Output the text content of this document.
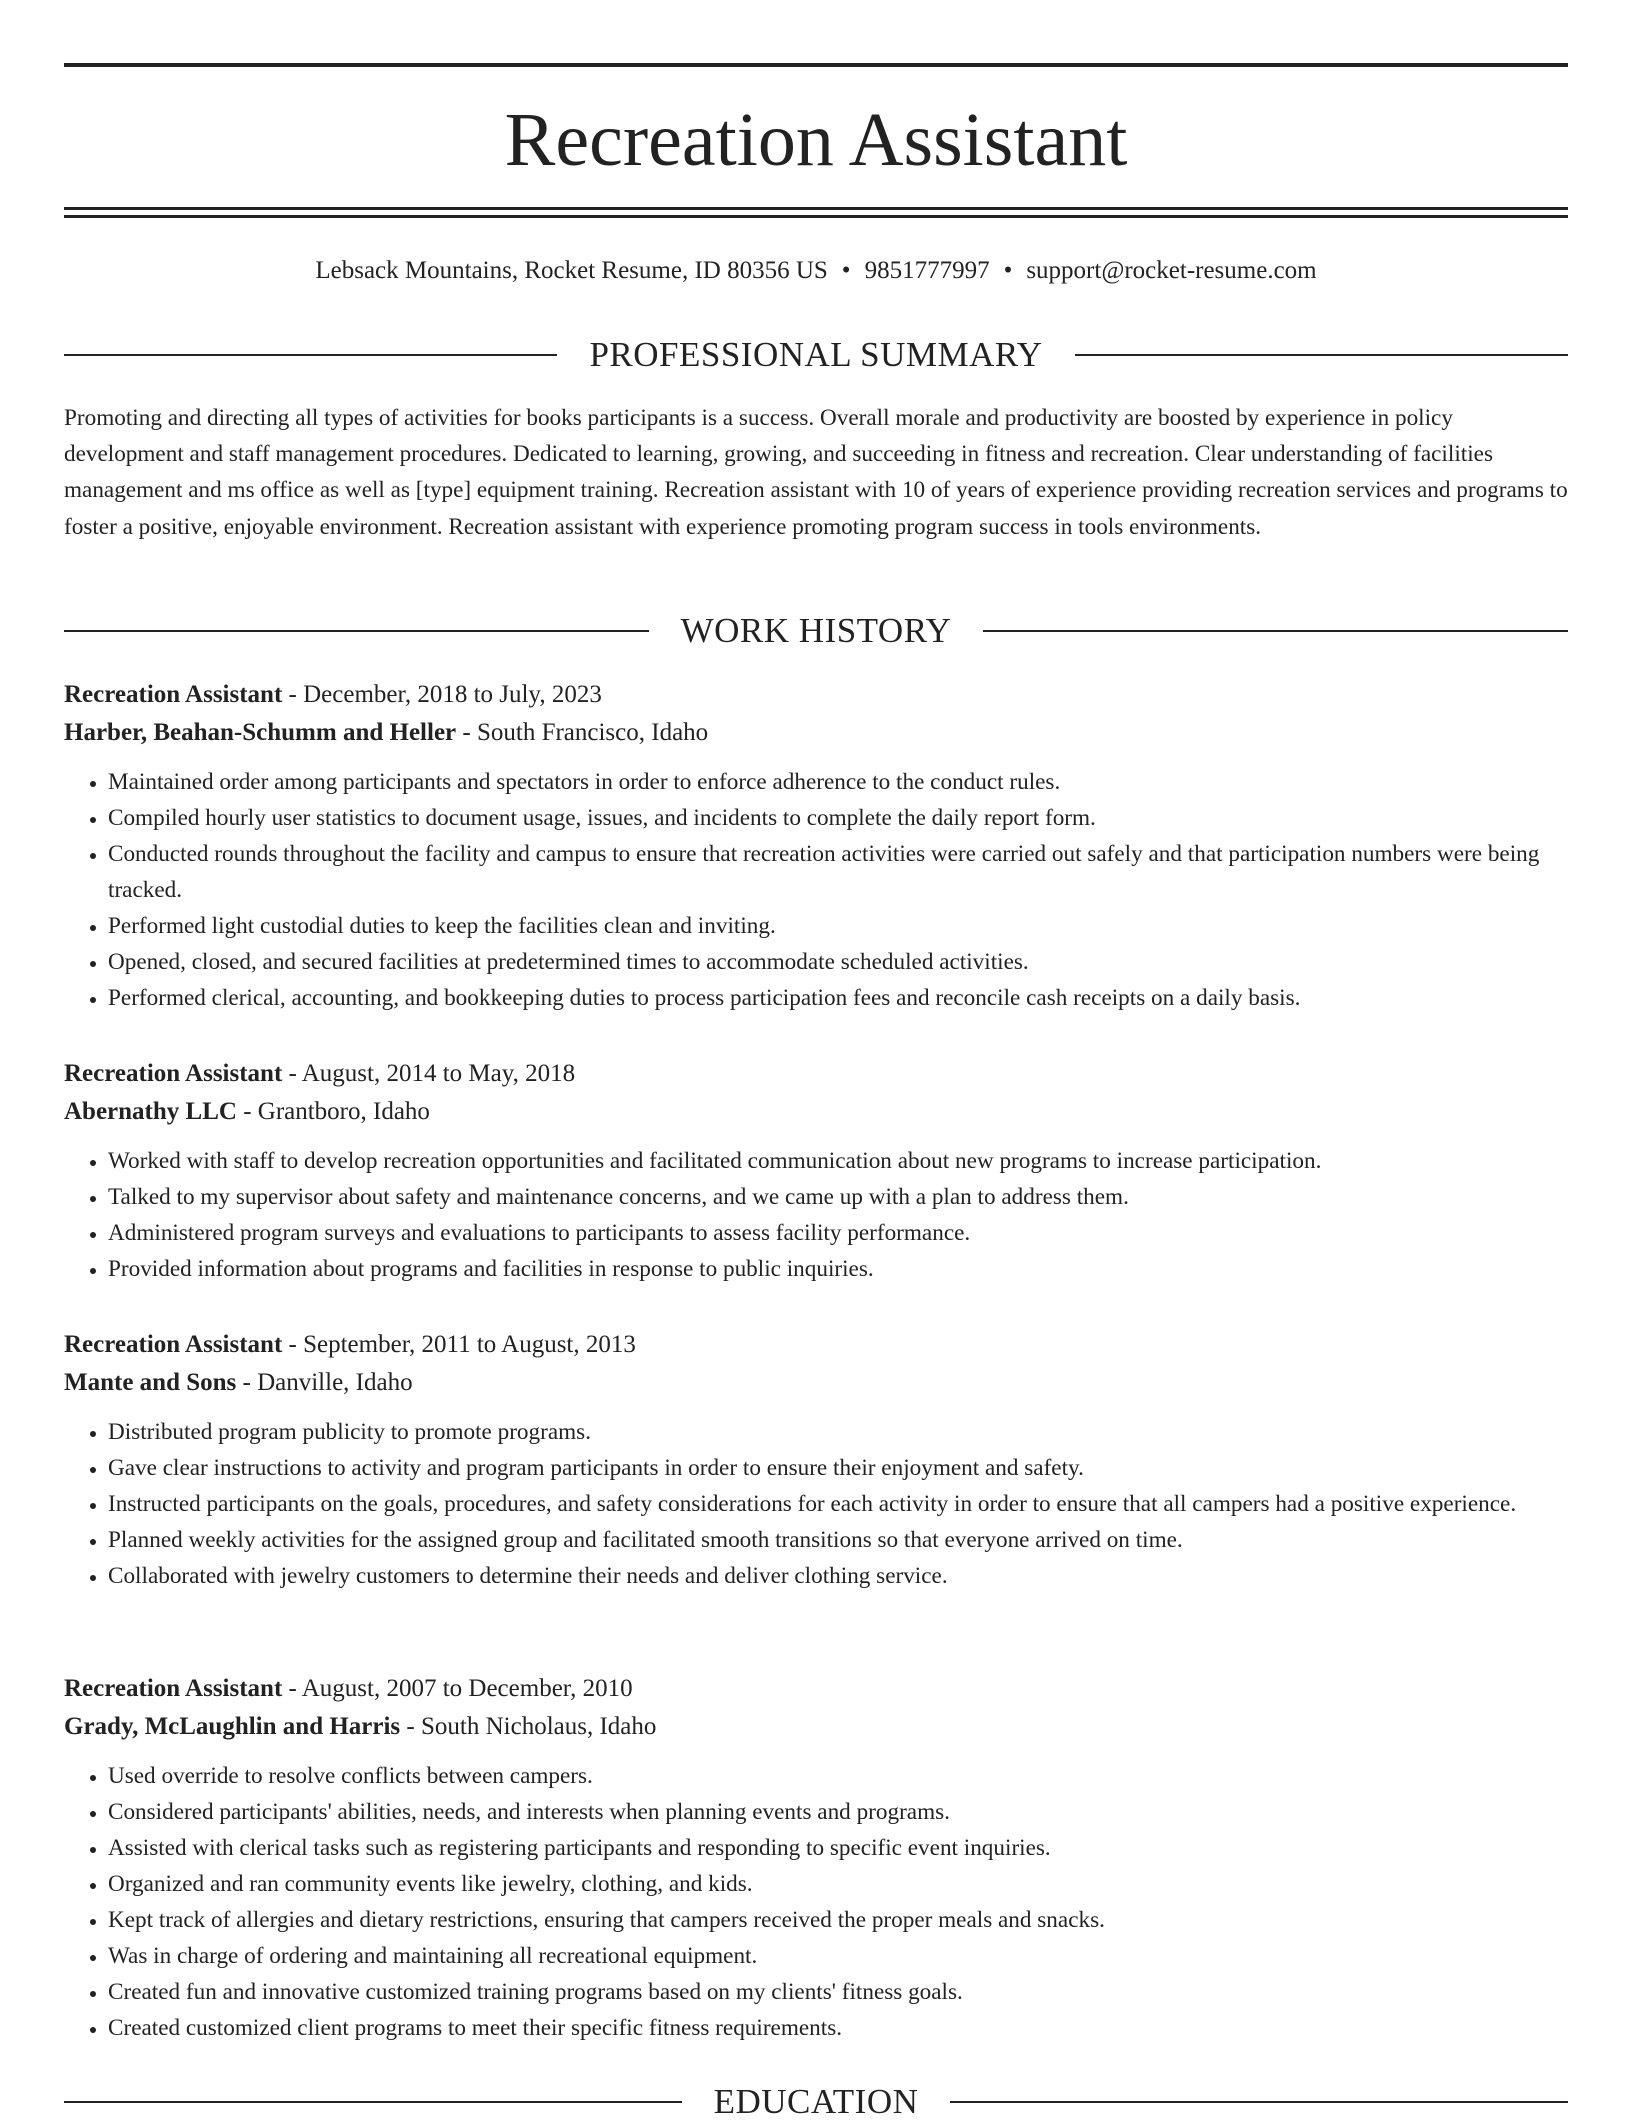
Recreation Assistant
Lebsack Mountains, Rocket Resume, ID 80356 US • 9851777997 • support@rocket-resume.com
PROFESSIONAL SUMMARY

Promoting and directing all types of activities for books participants is a success. Overall morale and productivity are boosted by experience in policy development and staff management procedures. Dedicated to learning, growing, and succeeding in fitness and recreation. Clear understanding of facilities management and ms office as well as [type] equipment training. Recreation assistant with 10 of years of experience providing recreation services and programs to foster a positive, enjoyable environment. Recreation assistant with experience promoting program success in tools environments.

WORK HISTORY
Recreation Assistant - December, 2018 to July, 2023
Harber, Beahan-Schumm and Heller - South Francisco, Idaho
• Maintained order among participants and spectators in order to enforce adherence to the conduct rules.
• Compiled hourly user statistics to document usage, issues, and incidents to complete the daily report form.
• Conducted rounds throughout the facility and campus to ensure that recreation activities were carried out safely and that participation numbers were being tracked.
• Performed light custodial duties to keep the facilities clean and inviting.
• Opened, closed, and secured facilities at predetermined times to accommodate scheduled activities.
• Performed clerical, accounting, and bookkeeping duties to process participation fees and reconcile cash receipts on a daily basis.
Recreation Assistant - August, 2014 to May, 2018
Abernathy LLC - Grantboro, Idaho
• Worked with staff to develop recreation opportunities and facilitated communication about new programs to increase participation.
• Talked to my supervisor about safety and maintenance concerns, and we came up with a plan to address them.
• Administered program surveys and evaluations to participants to assess facility performance.
• Provided information about programs and facilities in response to public inquiries.
Recreation Assistant - September, 2011 to August, 2013
Mante and Sons - Danville, Idaho
• Distributed program publicity to promote programs.
• Gave clear instructions to activity and program participants in order to ensure their enjoyment and safety.
• Instructed participants on the goals, procedures, and safety considerations for each activity in order to ensure that all campers had a positive experience.
• Planned weekly activities for the assigned group and facilitated smooth transitions so that everyone arrived on time.
• Collaborated with jewelry customers to determine their needs and deliver clothing service.
Recreation Assistant - August, 2007 to December, 2010
Grady, McLaughlin and Harris - South Nicholaus, Idaho
• Used override to resolve conflicts between campers.
• Considered participants' abilities, needs, and interests when planning events and programs.
• Assisted with clerical tasks such as registering participants and responding to specific event inquiries.
• Organized and ran community events like jewelry, clothing, and kids.
• Kept track of allergies and dietary restrictions, ensuring that campers received the proper meals and snacks.
• Was in charge of ordering and maintaining all recreational equipment.
• Created fun and innovative customized training programs based on my clients' fitness goals.
• Created customized client programs to meet their specific fitness requirements.
EDUCATION
